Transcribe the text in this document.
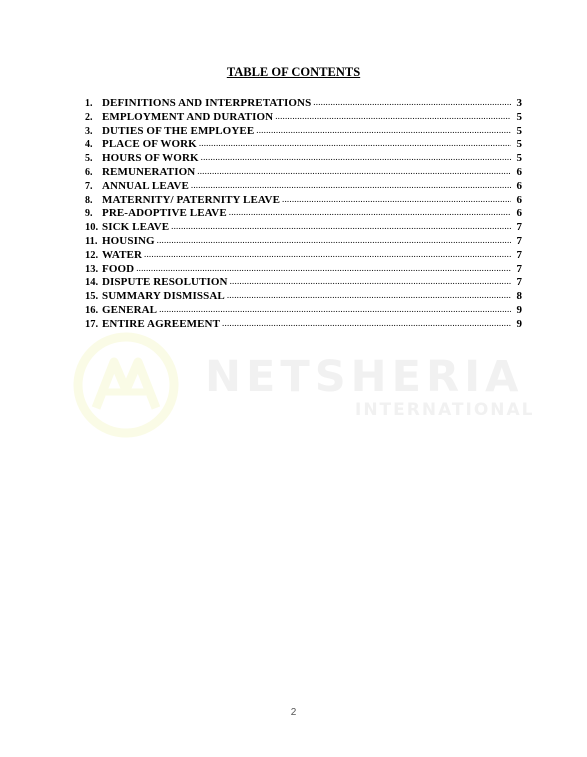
NETSHERIA
INTERNATIONAL
TABLE OF CONTENTS
1. DEFINITIONS AND INTERPRETATIONS .....	3
2. EMPLOYMENT AND DURATION .....	5
3. DUTIES OF THE EMPLOYEE .....	5
4. PLACE OF WORK .....	5
5. HOURS OF WORK .....	5
6. REMUNERATION .....	6
7. ANNUAL LEAVE .....	6
8. MATERNITY/ PATERNITY LEAVE .....	6
9. PRE-ADOPTIVE LEAVE .....	6
10. SICK LEAVE .....	7
11. HOUSING .....	7
12. WATER .....	7
13. FOOD .....	7
14. DISPUTE RESOLUTION .....	7
15. SUMMARY DISMISSAL .....	8
16. GENERAL .....	9
17. ENTIRE AGREEMENT .....	9
2
